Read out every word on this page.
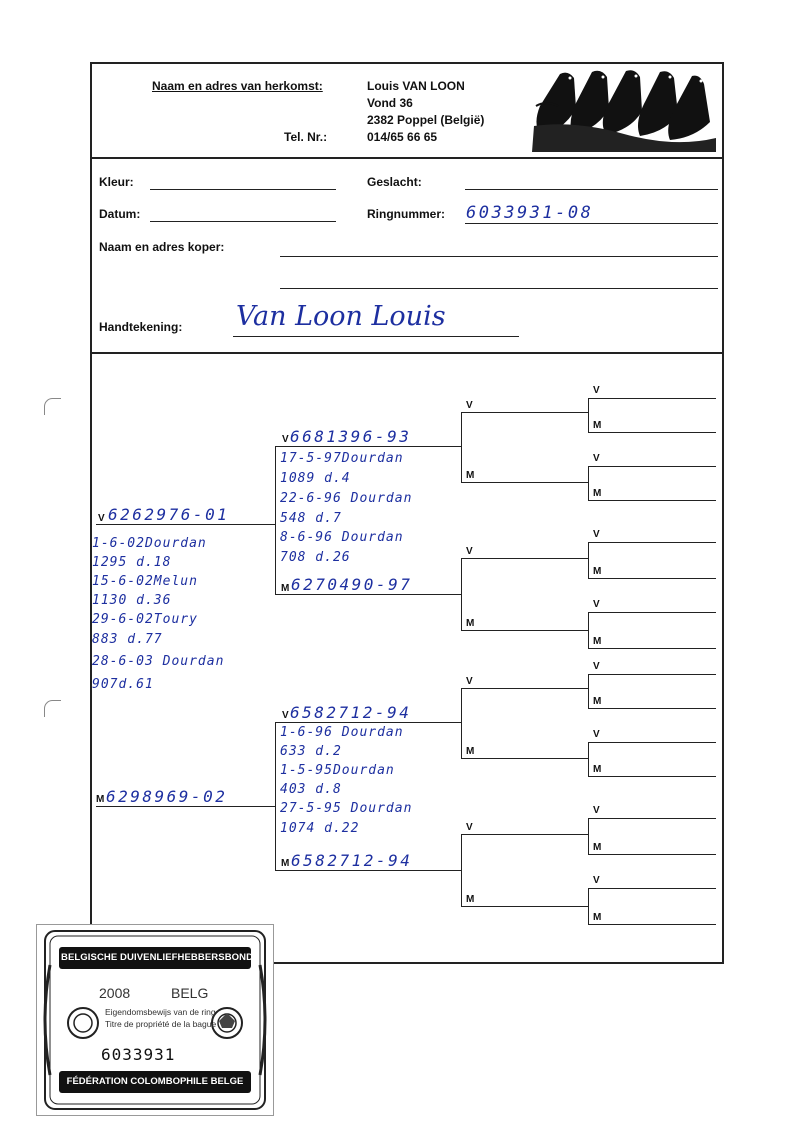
Naam en adres van herkomst:
Tel. Nr.:
Louis VAN LOON
Vond 36
2382 Poppel (België)
014/65 66 65
Kleur:	Geslacht:
Datum:	Ringnummer: 6033931-08
Naam en adres koper:
Handtekening: Van Loon Louis
V 6262976-01
1-6-02Dourdan
1295 d.18
15-6-02Melun
1130 d.36
29-6-02Toury
883 d.77
28-6-03 Dourdan
907d.61
M 6298969-02
V 6681396-93
17-5-97Dourdan
1089 d.4
22-6-96 Dourdan
548 d.7
8-6-96 Dourdan
708 d.26
M 6270490-97
V 6582712-94
1-6-96 Dourdan
633 d.2
1-5-95Dourdan
403 d.8
27-5-95 Dourdan
1074 d.22
M 6582712-94
V
M
V
M
V
M
V
M
V
M
V
M
V
M
V
M
V
M
V
M
V
M
V
M
BELGISCHE DUIVENLIEFHEBBERSBOND
2008	BELG
Eigendomsbewijs van de ring
Titre de propriété de la bague
6033931
FÉDÉRATION COLOMBOPHILE BELGE
